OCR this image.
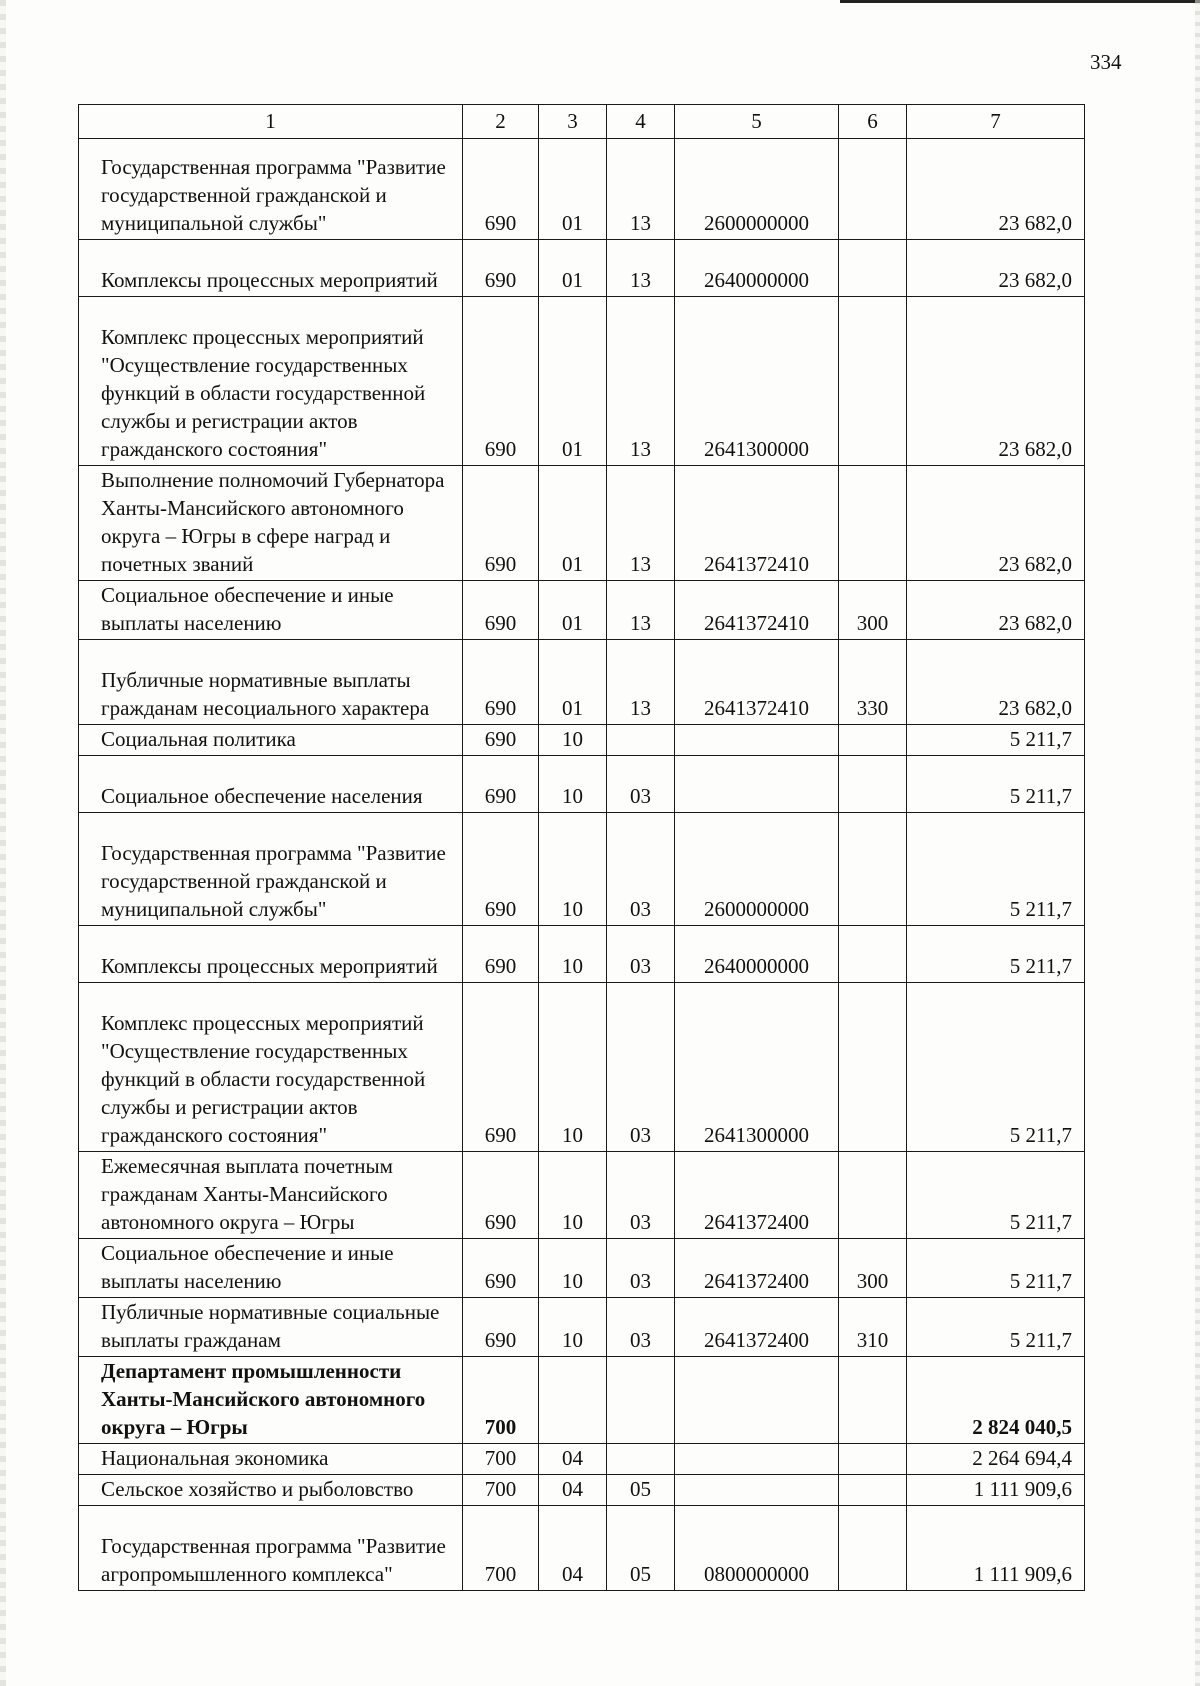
334
1	2	3	4	5	6	7
Государственная программа "Развитие государственной гражданской и муниципальной службы"	690	01	13	2600000000		23 682,0
Комплексы процессных мероприятий	690	01	13	2640000000		23 682,0
Комплекс процессных мероприятий "Осуществление государственных функций в области государственной службы и регистрации актов гражданского состояния"	690	01	13	2641300000		23 682,0
Выполнение полномочий Губернатора Ханты-Мансийского автономного округа – Югры в сфере наград и почетных званий	690	01	13	2641372410		23 682,0
Социальное обеспечение и иные выплаты населению	690	01	13	2641372410	300	23 682,0
Публичные нормативные выплаты гражданам несоциального характера	690	01	13	2641372410	330	23 682,0
Социальная политика	690	10				5 211,7
Социальное обеспечение населения	690	10	03			5 211,7
Государственная программа "Развитие государственной гражданской и муниципальной службы"	690	10	03	2600000000		5 211,7
Комплексы процессных мероприятий	690	10	03	2640000000		5 211,7
Комплекс процессных мероприятий "Осуществление государственных функций в области государственной службы и регистрации актов гражданского состояния"	690	10	03	2641300000		5 211,7
Ежемесячная выплата почетным гражданам Ханты-Мансийского автономного округа – Югры	690	10	03	2641372400		5 211,7
Социальное обеспечение и иные выплаты населению	690	10	03	2641372400	300	5 211,7
Публичные нормативные социальные выплаты гражданам	690	10	03	2641372400	310	5 211,7
Департамент промышленности Ханты-Мансийского автономного округа – Югры	700					2 824 040,5
Национальная экономика	700	04				2 264 694,4
Сельское хозяйство и рыболовство	700	04	05			1 111 909,6
Государственная программа "Развитие агропромышленного комплекса"	700	04	05	0800000000		1 111 909,6
